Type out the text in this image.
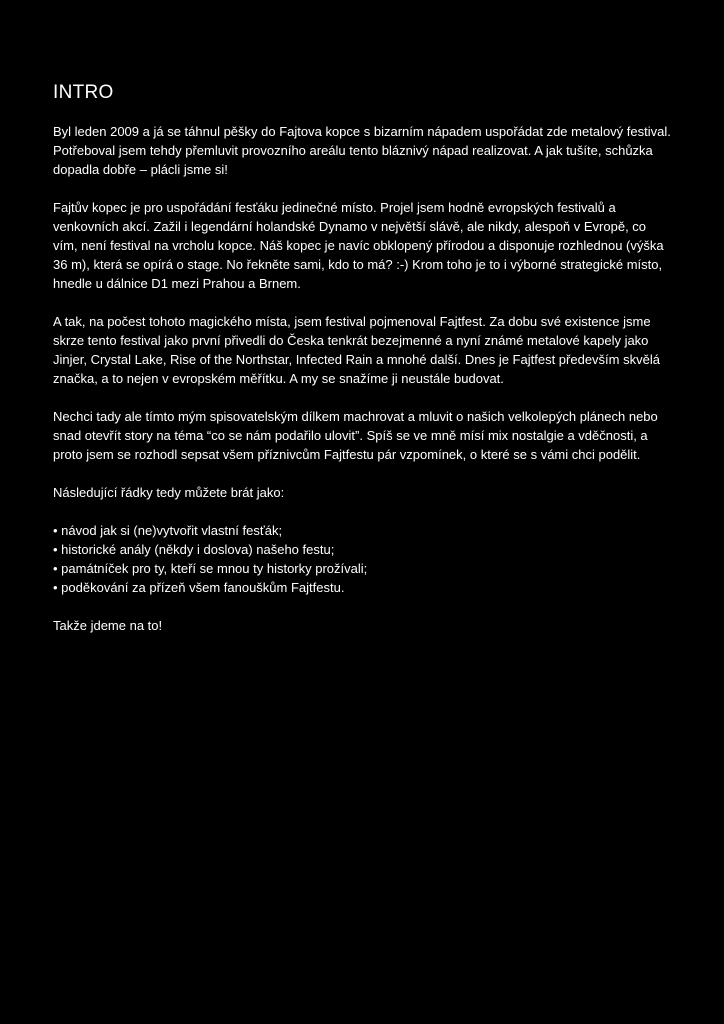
INTRO

Byl leden 2009 a já se táhnul pěšky do Fajtova kopce s bizarním nápadem uspořádat zde metalový festival. Potřeboval jsem tehdy přemluvit provozního areálu tento bláznivý nápad realizovat. A jak tušíte, schůzka dopadla dobře – plácli jsme si!

Fajtův kopec je pro uspořádání fesťáku jedinečné místo. Projel jsem hodně evropských festivalů a venkovních akcí. Zažil i legendární holandské Dynamo v největší slávě, ale nikdy, alespoň v Evropě, co vím, není festival na vrcholu kopce. Náš kopec je navíc obklopený přírodou a disponuje rozhlednou (výška 36 m), která se opírá o stage. No řekněte sami, kdo to má? :-) Krom toho je to i výborné strategické místo, hnedle u dálnice D1 mezi Prahou a Brnem.

A tak, na počest tohoto magického místa, jsem festival pojmenoval Fajtfest. Za dobu své existence jsme skrze tento festival jako první přivedli do Česka tenkrát bezejmenné a nyní známé metalové kapely jako Jinjer, Crystal Lake, Rise of the Northstar, Infected Rain a mnohé další. Dnes je Fajtfest především skvělá značka, a to nejen v evropském měřítku. A my se snažíme ji neustále budovat.

Nechci tady ale tímto mým spisovatelským dílkem machrovat a mluvit o našich velkolepých plánech nebo snad otevřít story na téma “co se nám podařilo ulovit”. Spíš se ve mně mísí mix nostalgie a vděčnosti, a proto jsem se rozhodl sepsat všem příznivcům Fajtfestu pár vzpomínek, o které se s vámi chci podělit.

Následující řádky tedy můžete brát jako:

• návod jak si (ne)vytvořit vlastní fesťák;
• historické anály (někdy i doslova) našeho festu;
• památníček pro ty, kteří se mnou ty historky prožívali;
• poděkování za přízeň všem fanouškům Fajtfestu.

Takže jdeme na to!
